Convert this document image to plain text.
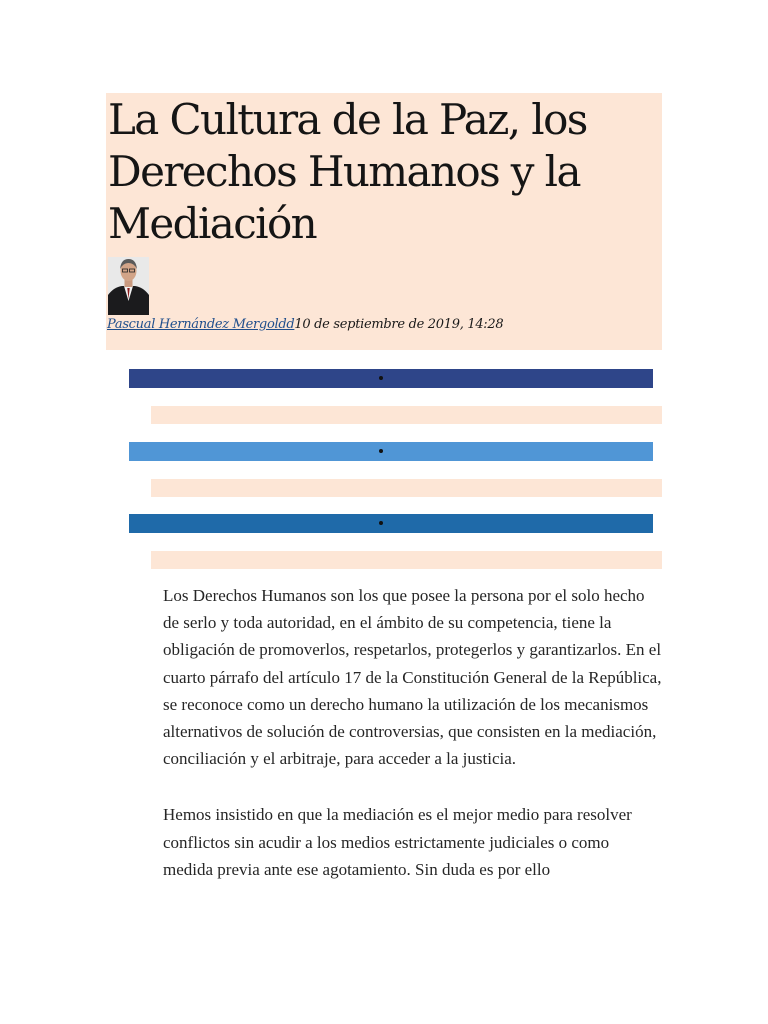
La Cultura de la Paz, los Derechos Humanos y la Mediación
Pascual Hernández Mergoldd10 de septiembre de 2019, 14:28

Los Derechos Humanos son los que posee la persona por el solo hecho de serlo y toda autoridad, en el ámbito de su competencia, tiene la obligación de promoverlos, respetarlos, protegerlos y garantizarlos. En el cuarto párrafo del artículo 17 de la Constitución General de la República, se reconoce como un derecho humano la utilización de los mecanismos alternativos de solución de controversias, que consisten en la mediación, conciliación y el arbitraje, para acceder a la justicia.

Hemos insistido en que la mediación es el mejor medio para resolver conflictos sin acudir a los medios estrictamente judiciales o como medida previa ante ese agotamiento. Sin duda es por ello
